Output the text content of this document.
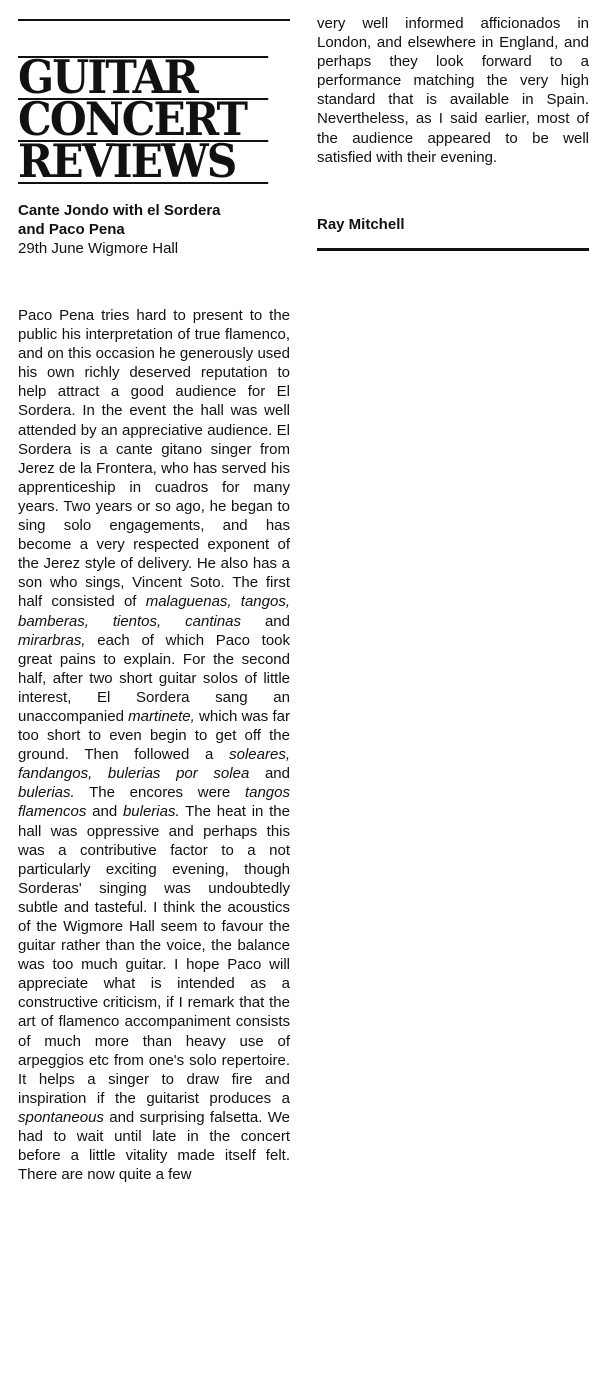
GUITAR
CONCERT
REVIEWS
Cante Jondo with el Sordera
and Paco Pena
29th June Wigmore Hall
Paco Pena tries hard to present to the public his interpretation of true flamenco, and on this occasion he generously used his own richly deserved reputation to help attract a good audience for El Sordera. In the event the hall was well attended by an appreciative audience. El Sordera is a cante gitano singer from Jerez de la Frontera, who has served his apprenticeship in cuadros for many years. Two years or so ago, he began to sing solo engagements, and has become a very respected exponent of the Jerez style of delivery. He also has a son who sings, Vincent Soto. The first half consisted of malaguenas, tangos, bamberas, tientos, cantinas and mirarbras, each of which Paco took great pains to explain. For the second half, after two short guitar solos of little interest, El Sordera sang an unaccompanied martinete, which was far too short to even begin to get off the ground. Then followed a soleares, fandangos, bulerias por solea and bulerias. The encores were tangos flamencos and bulerias. The heat in the hall was oppressive and perhaps this was a contributive factor to a not particularly exciting evening, though Sorderas' singing was undoubtedly subtle and tasteful. I think the acoustics of the Wigmore Hall seem to favour the guitar rather than the voice, the balance was too much guitar. I hope Paco will appreciate what is intended as a constructive criticism, if I remark that the art of flamenco accompaniment consists of much more than heavy use of arpeggios etc from one's solo repertoire. It helps a singer to draw fire and inspiration if the guitarist produces a spontaneous and surprising falsetta. We had to wait until late in the concert before a little vitality made itself felt. There are now quite a few
very well informed afficionados in London, and elsewhere in England, and perhaps they look forward to a performance matching the very high standard that is available in Spain. Nevertheless, as I said earlier, most of the audience appeared to be well satisfied with their evening.
Ray Mitchell
